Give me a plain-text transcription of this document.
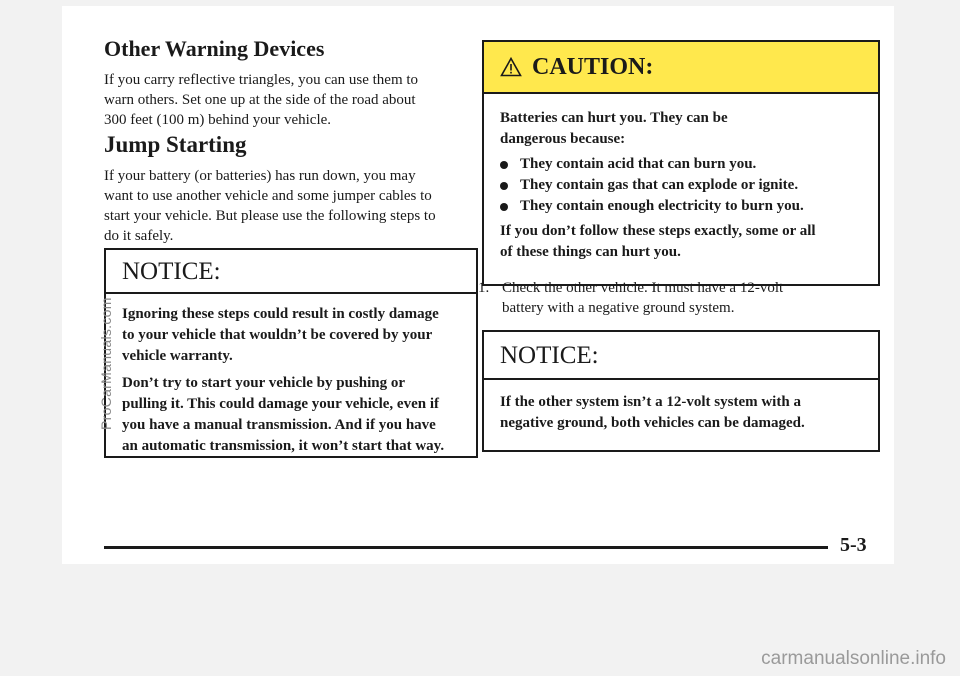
Other Warning Devices
If you carry reflective triangles, you can use them to
warn others. Set one up at the side of the road about
300 feet (100 m) behind your vehicle.
Jump Starting
If your battery (or batteries) has run down, you may
want to use another vehicle and some jumper cables to
start your vehicle. But please use the following steps to
do it safely.
NOTICE:

Ignoring these steps could result in costly damage

to your vehicle that wouldn’t be covered by your

vehicle warranty.

Don’t try to start your vehicle by pushing or

pulling it. This could damage your vehicle, even if

you have a manual transmission. And if you have

an automatic transmission, it won’t start that way.

CAUTION:

Batteries can hurt you. They can be

dangerous because:

They contain acid that can burn you.
They contain gas that can explode or ignite.
They contain enough electricity to burn you.

If you don’t follow these steps exactly, some or all

of these things can hurt you.

1. Check the other vehicle. It must have a 12-volt
battery with a negative ground system.
NOTICE:

If the other system isn’t a 12-volt system with a

negative ground, both vehicles can be damaged.

5-3
ProCarManuals.com
carmanualsonline.info
